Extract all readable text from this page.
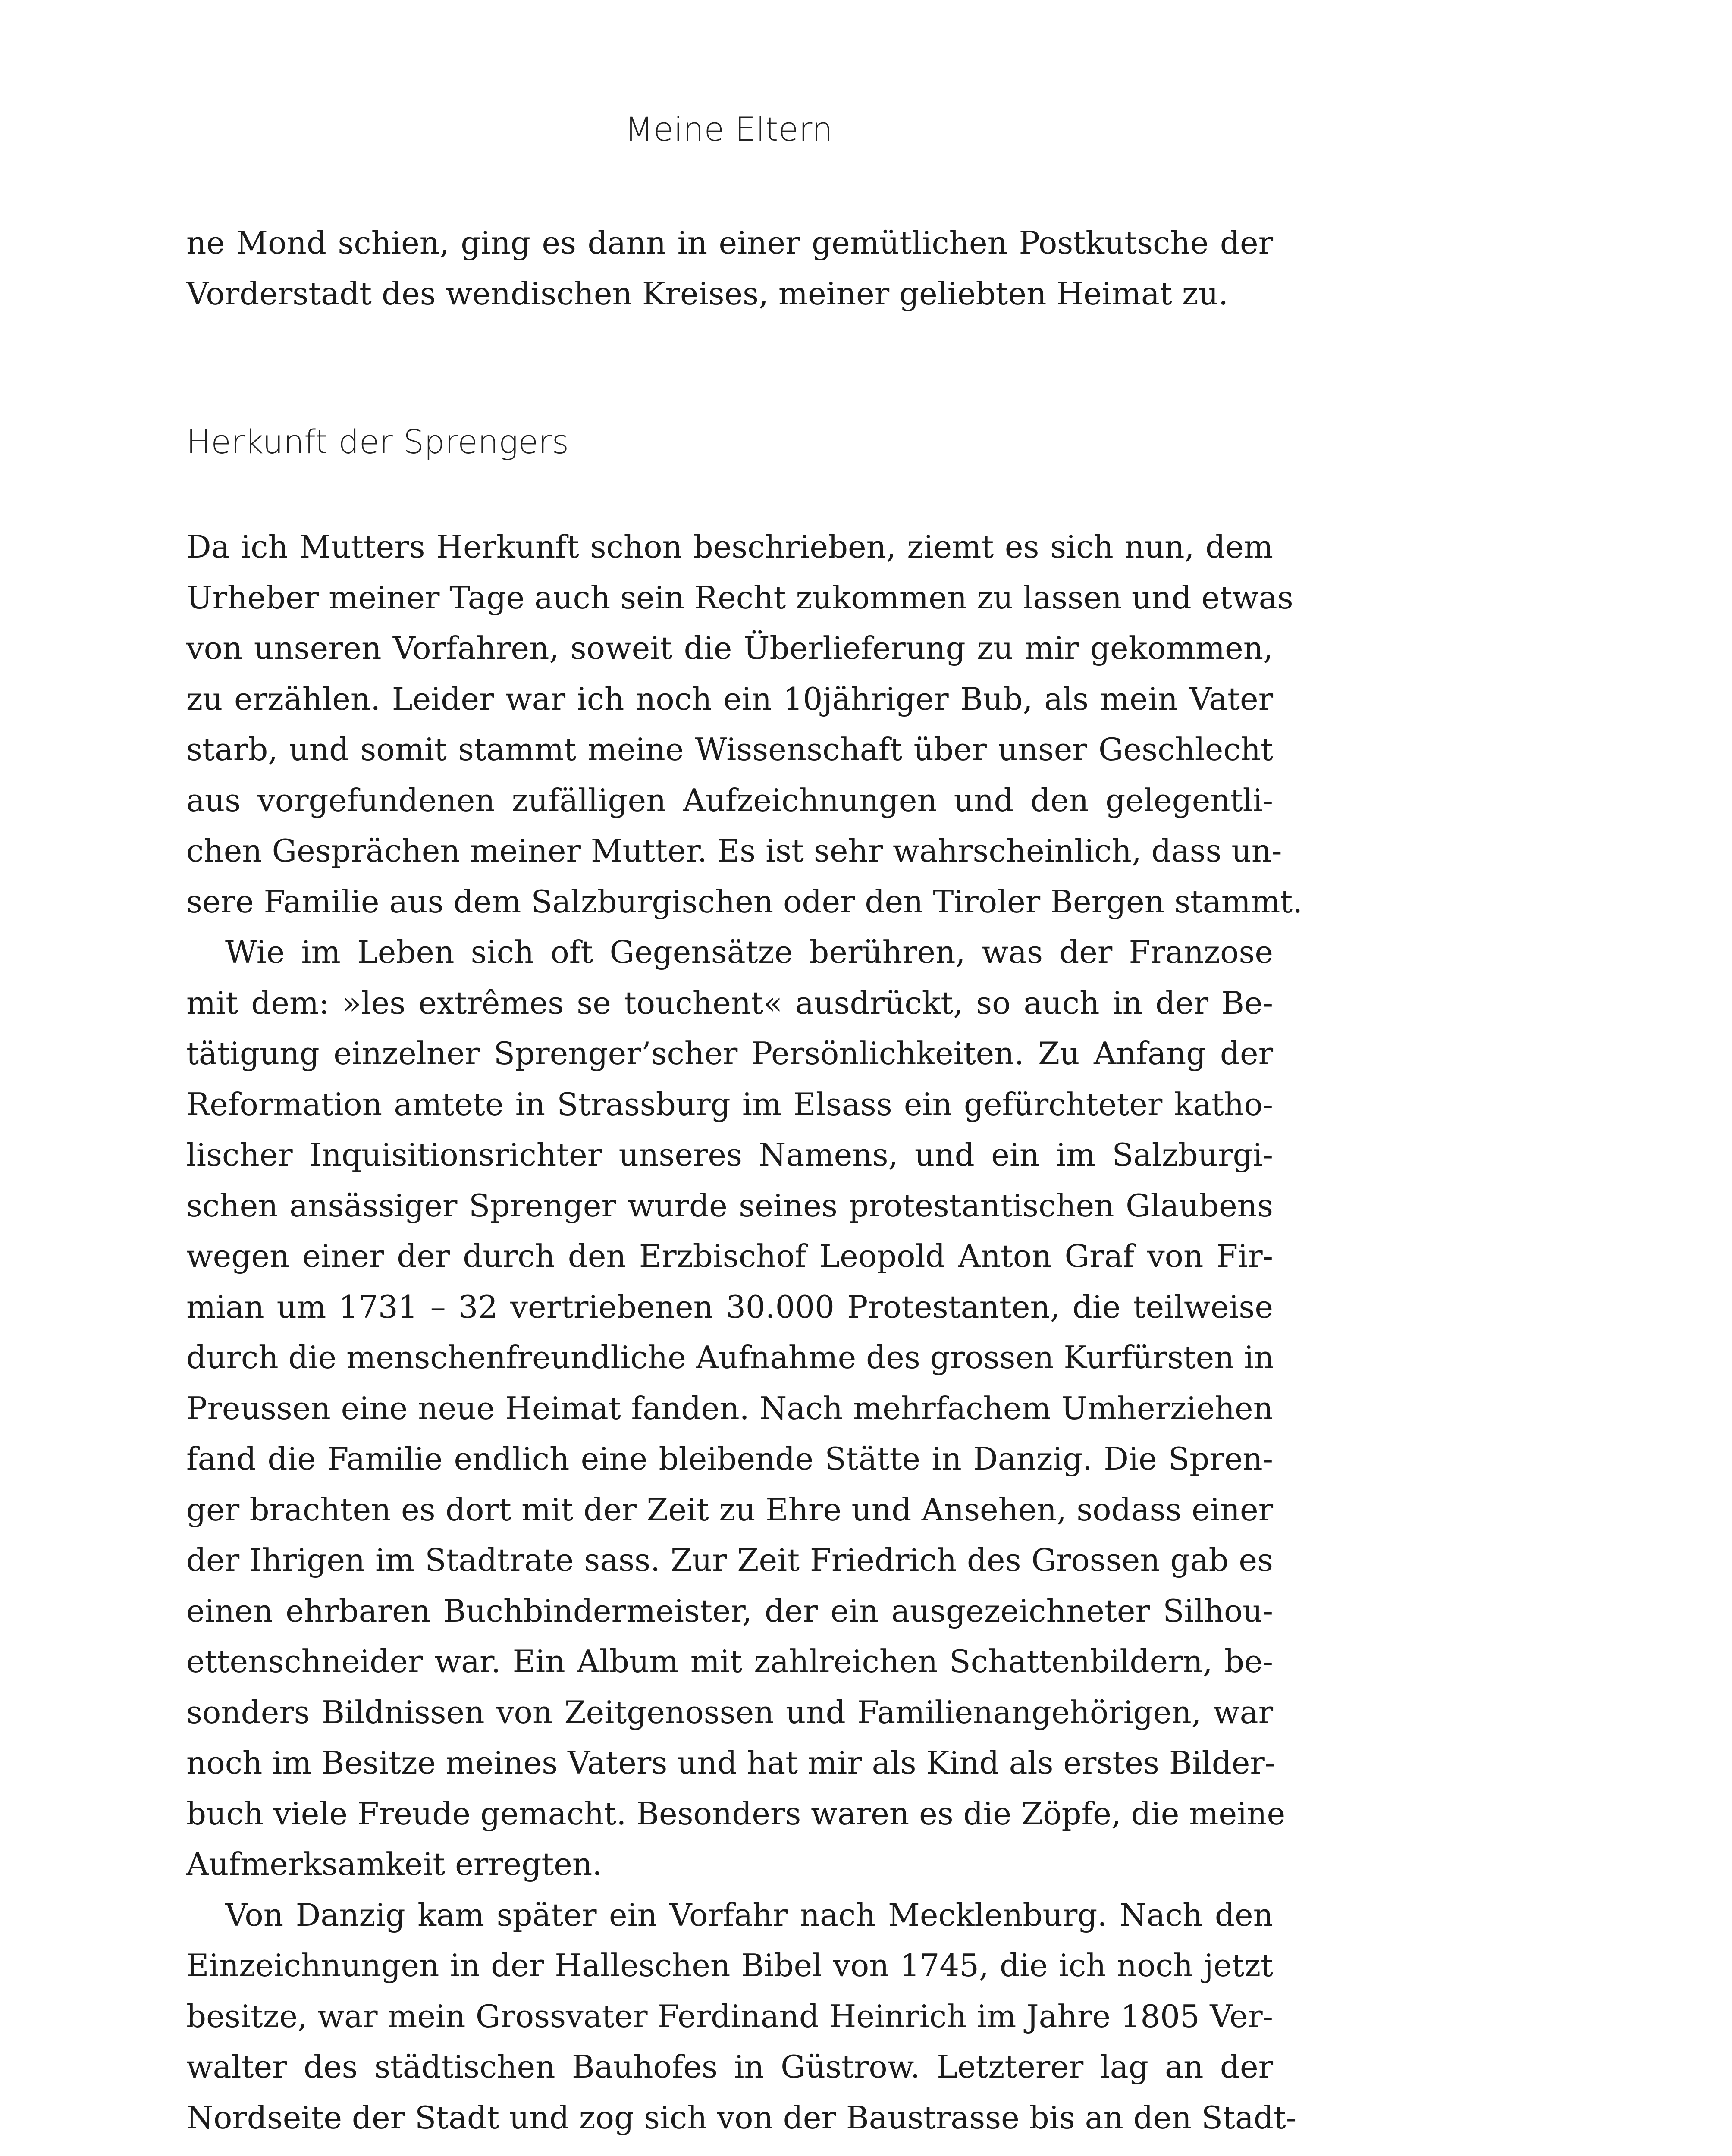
Meine Eltern
ne Mond schien, ging es dann in einer gemütlichen Postkutsche der
Vorderstadt des wendischen Kreises, meiner geliebten Heimat zu.
Herkunft der Sprengers
Da ich Mutters Herkunft schon beschrieben, ziemt es sich nun, dem
Urheber meiner Tage auch sein Recht zukommen zu lassen und etwas
von unseren Vorfahren, soweit die Überlieferung zu mir gekommen,
zu erzählen. Leider war ich noch ein 10jähriger Bub, als mein Vater
starb, und somit stammt meine Wissenschaft über unser Geschlecht
aus vorgefundenen zufälligen Aufzeichnungen und den gelegentli-
chen Gesprächen meiner Mutter. Es ist sehr wahrscheinlich, dass un-
sere Familie aus dem Salzburgischen oder den Tiroler Bergen stammt.
Wie im Leben sich oft Gegensätze berühren, was der Franzose
mit dem: »les extrêmes se touchent« ausdrückt, so auch in der Be-
tätigung einzelner Sprenger’scher Persönlichkeiten. Zu Anfang der
Reformation amtete in Strassburg im Elsass ein gefürchteter katho-
lischer Inquisitionsrichter unseres Namens, und ein im Salzburgi-
schen ansässiger Sprenger wurde seines protestantischen Glaubens
wegen einer der durch den Erzbischof Leopold Anton Graf von Fir-
mian um 1731 – 32 vertriebenen 30.000 Protestanten, die teilweise
durch die menschenfreundliche Aufnahme des grossen Kurfürsten in
Preussen eine neue Heimat fanden. Nach mehrfachem Umherziehen
fand die Familie endlich eine bleibende Stätte in Danzig. Die Spren-
ger brachten es dort mit der Zeit zu Ehre und Ansehen, sodass einer
der Ihrigen im Stadtrate sass. Zur Zeit Friedrich des Grossen gab es
einen ehrbaren Buchbindermeister, der ein ausgezeichneter Silhou-
ettenschneider war. Ein Album mit zahlreichen Schattenbildern, be-
sonders Bildnissen von Zeitgenossen und Familienangehörigen, war
noch im Besitze meines Vaters und hat mir als Kind als erstes Bilder-
buch viele Freude gemacht. Besonders waren es die Zöpfe, die meine
Aufmerksamkeit erregten.
Von Danzig kam später ein Vorfahr nach Mecklenburg. Nach den
Einzeichnungen in der Halleschen Bibel von 1745, die ich noch jetzt
besitze, war mein Grossvater Ferdinand Heinrich im Jahre 1805 Ver-
walter des städtischen Bauhofes in Güstrow. Letzterer lag an der
Nordseite der Stadt und zog sich von der Baustrasse bis an den Stadt-
